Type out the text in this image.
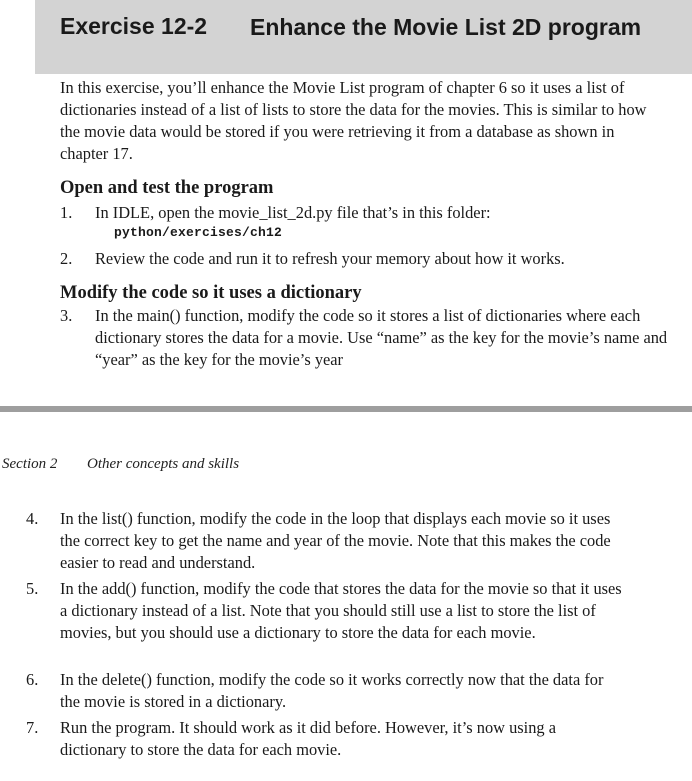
Exercise 12-2 Enhance the Movie List 2D program

In this exercise, you’ll enhance the Movie List program of chapter 6 so it uses a list of dictionaries instead of a list of lists to store the data for the movies. This is similar to how the movie data would be stored if you were retrieving it from a database as shown in chapter 17.

Open and test the program
1. In IDLE, open the movie_list_2d.py file that’s in this folder:
python/exercises/ch12
2. Review the code and run it to refresh your memory about how it works.
Modify the code so it uses a dictionary
3. In the main() function, modify the code so it stores a list of dictionaries where each dictionary stores the data for a movie. Use “name” as the key for the movie’s name and “year” as the key for the movie’s year
Section 2 Other concepts and skills
4. In the list() function, modify the code in the loop that displays each movie so it uses the correct key to get the name and year of the movie. Note that this makes the code easier to read and understand.
5. In the add() function, modify the code that stores the data for the movie so that it uses a dictionary instead of a list. Note that you should still use a list to store the list of movies, but you should use a dictionary to store the data for each movie.
6. In the delete() function, modify the code so it works correctly now that the data for the movie is stored in a dictionary.
7. Run the program. It should work as it did before. However, it’s now using a dictionary to store the data for each movie.
